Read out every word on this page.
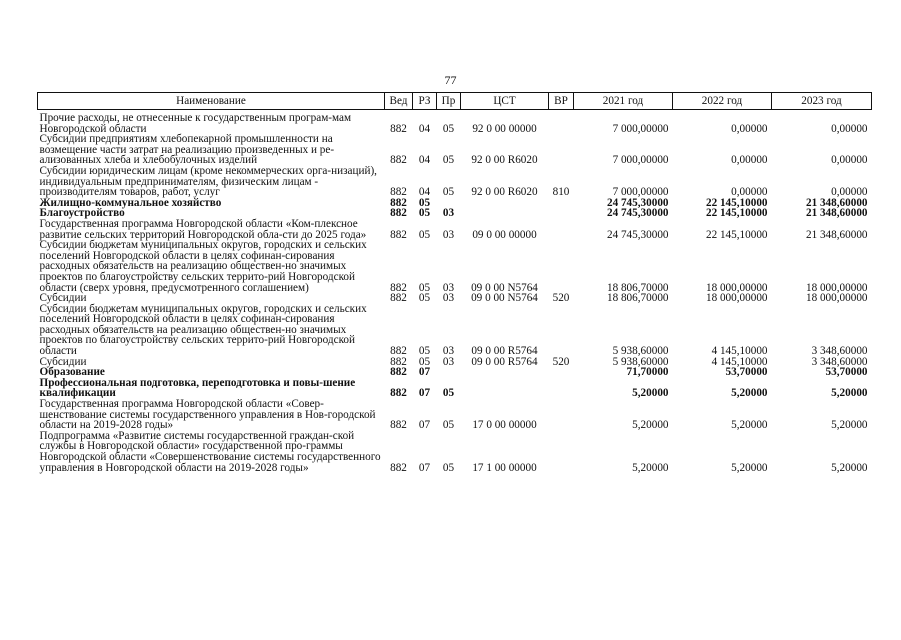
77
Наименование	Вед	РЗ	Пр	ЦСТ	ВР	2021 год	2022 год	2023 год
Прочие расходы, не отнесенные к государственным програм-мам Новгородской области	882	04	05	92 0 00 00000		7 000,00000	0,00000	0,00000
Субсидии предприятиям хлебопекарной промышленности на возмещение части затрат на реализацию произведенных и ре-ализованных хлеба и хлебобулочных изделий	882	04	05	92 0 00 R6020		7 000,00000	0,00000	0,00000
Субсидии юридическим лицам (кроме некоммерческих орга-низаций), индивидуальным предпринимателям, физическим лицам - производителям товаров, работ, услуг	882	04	05	92 0 00 R6020	810	7 000,00000	0,00000	0,00000
Жилищно-коммунальное хозяйство	882	05				24 745,30000	22 145,10000	21 348,60000
Благоустройство	882	05	03			24 745,30000	22 145,10000	21 348,60000
Государственная программа Новгородской области «Ком-плексное развитие сельских территорий Новгородской обла-сти до 2025 года»	882	05	03	09 0 00 00000		24 745,30000	22 145,10000	21 348,60000
Субсидии бюджетам муниципальных округов, городских и сельских поселений Новгородской области в целях софинан-сирования расходных обязательств на реализацию обществен-но значимых проектов по благоустройству сельских террито-рий Новгородской области (сверх уровня, предусмотренного соглашением)	882	05	03	09 0 00 N5764		18 806,70000	18 000,00000	18 000,00000
Субсидии	882	05	03	09 0 00 N5764	520	18 806,70000	18 000,00000	18 000,00000
Субсидии бюджетам муниципальных округов, городских и сельских поселений Новгородской области в целях софинан-сирования расходных обязательств на реализацию обществен-но значимых проектов по благоустройству сельских террито-рий Новгородской области	882	05	03	09 0 00 R5764		5 938,60000	4 145,10000	3 348,60000
Субсидии	882	05	03	09 0 00 R5764	520	5 938,60000	4 145,10000	3 348,60000
Образование	882	07				71,70000	53,70000	53,70000
Профессиональная подготовка, переподготовка и повы-шение квалификации	882	07	05			5,20000	5,20000	5,20000
Государственная программа Новгородской области «Совер-шенствование системы государственного управления в Нов-городской области на 2019-2028 годы»	882	07	05	17 0 00 00000		5,20000	5,20000	5,20000
Подпрограмма «Развитие системы государственной граждан-ской службы в Новгородской области» государственной про-граммы Новгородской области «Совершенствование системы государственного управления в Новгородской области на 2019-2028 годы»	882	07	05	17 1 00 00000		5,20000	5,20000	5,20000
